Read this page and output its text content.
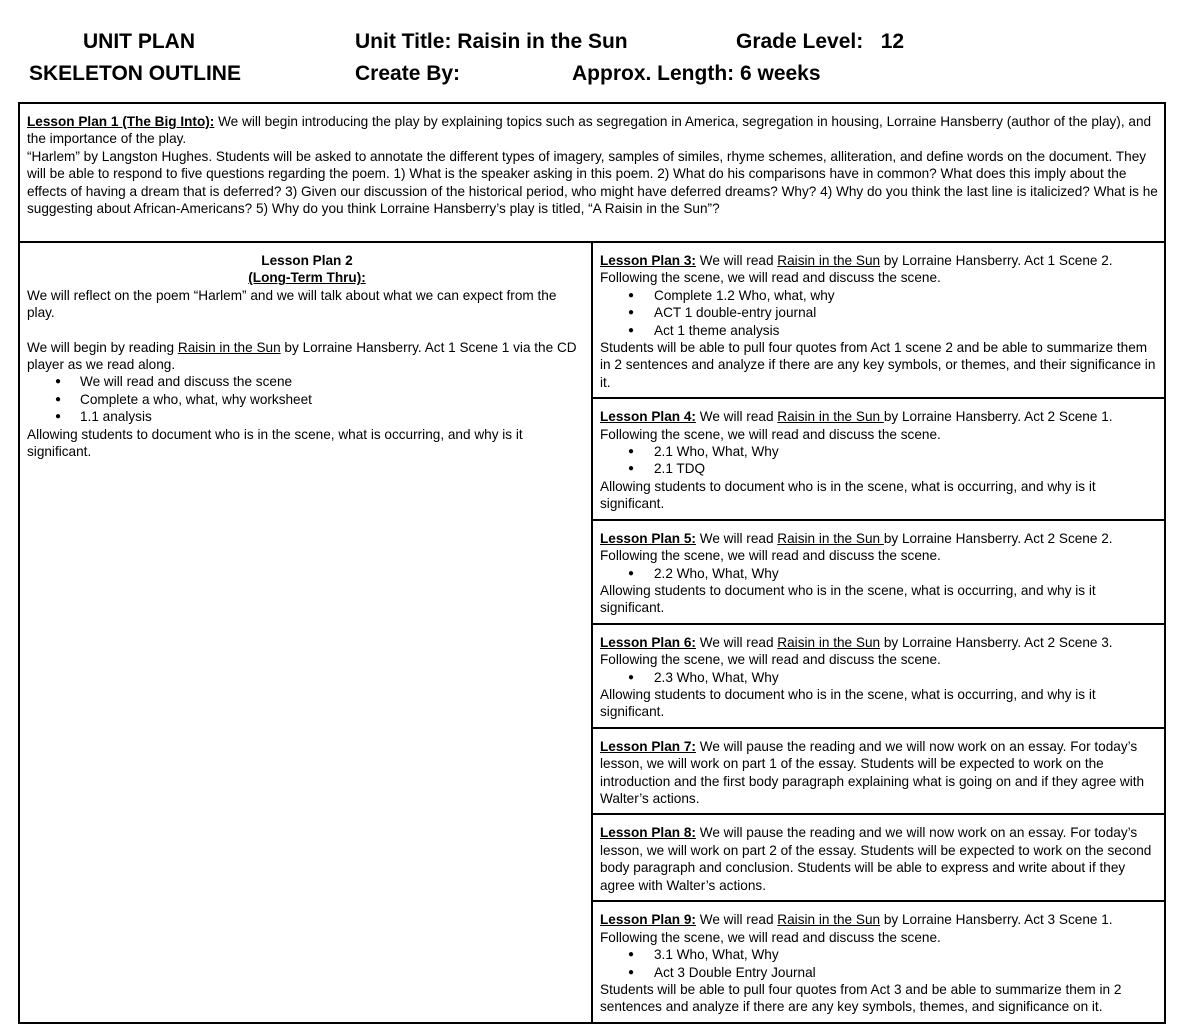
UNIT PLAN
SKELETON OUTLINE
Unit Title: Raisin in the Sun	Grade Level:   12
Create By:	Approx. Length: 6 weeks
Lesson Plan 1 (The Big Into): We will begin introducing the play by explaining topics such as segregation in America, segregation in housing, Lorraine Hansberry (author of the play), and the importance of the play.
“Harlem” by Langston Hughes. Students will be asked to annotate the different types of imagery, samples of similes, rhyme schemes, alliteration, and define words on the document. They will be able to respond to five questions regarding the poem. 1) What is the speaker asking in this poem. 2) What do his comparisons have in common? What does this imply about the effects of having a dream that is deferred? 3) Given our discussion of the historical period, who might have deferred dreams? Why? 4) Why do you think the last line is italicized? What is he suggesting about African-Americans? 5) Why do you think Lorraine Hansberry’s play is titled, “A Raisin in the Sun”?

Lesson Plan 2
(Long-Term Thru):
We will reflect on the poem “Harlem” and we will talk about what we can expect from the play.
We will begin by reading Raisin in the Sun by Lorraine Hansberry. Act 1 Scene 1 via the CD player as we read along.
● We will read and discuss the scene
● Complete a who, what, why worksheet
● 1.1 analysis
Allowing students to document who is in the scene, what is occurring, and why is it significant.
	Lesson Plan 3: We will read Raisin in the Sun by Lorraine Hansberry. Act 1 Scene 2. Following the scene, we will read and discuss the scene.
● Complete 1.2 Who, what, why
● ACT 1 double-entry journal
● Act 1 theme analysis
Students will be able to pull four quotes from Act 1 scene 2 and be able to summarize them in 2 sentences and analyze if there are any key symbols, or themes, and their significance in it.

Lesson Plan 4: We will read Raisin in the Sun by Lorraine Hansberry. Act 2 Scene 1. Following the scene, we will read and discuss the scene.
● 2.1 Who, What, Why
● 2.1 TDQ
Allowing students to document who is in the scene, what is occurring, and why is it significant.

Lesson Plan 5: We will read Raisin in the Sun by Lorraine Hansberry. Act 2 Scene 2. Following the scene, we will read and discuss the scene.
● 2.2 Who, What, Why
Allowing students to document who is in the scene, what is occurring, and why is it significant.

Lesson Plan 6: We will read Raisin in the Sun by Lorraine Hansberry. Act 2 Scene 3. Following the scene, we will read and discuss the scene.
● 2.3 Who, What, Why
Allowing students to document who is in the scene, what is occurring, and why is it significant.

Lesson Plan 7: We will pause the reading and we will now work on an essay. For today’s lesson, we will work on part 1 of the essay. Students will be expected to work on the introduction and the first body paragraph explaining what is going on and if they agree with Walter’s actions.
Lesson Plan 8: We will pause the reading and we will now work on an essay. For today’s lesson, we will work on part 2 of the essay. Students will be expected to work on the second body paragraph and conclusion. Students will be able to express and write about if they agree with Walter’s actions.
Lesson Plan 9: We will read Raisin in the Sun by Lorraine Hansberry. Act 3 Scene 1. Following the scene, we will read and discuss the scene.
● 3.1 Who, What, Why
● Act 3 Double Entry Journal
Students will be able to pull four quotes from Act 3 and be able to summarize them in 2 sentences and analyze if there are any key symbols, themes, and significance on it.
